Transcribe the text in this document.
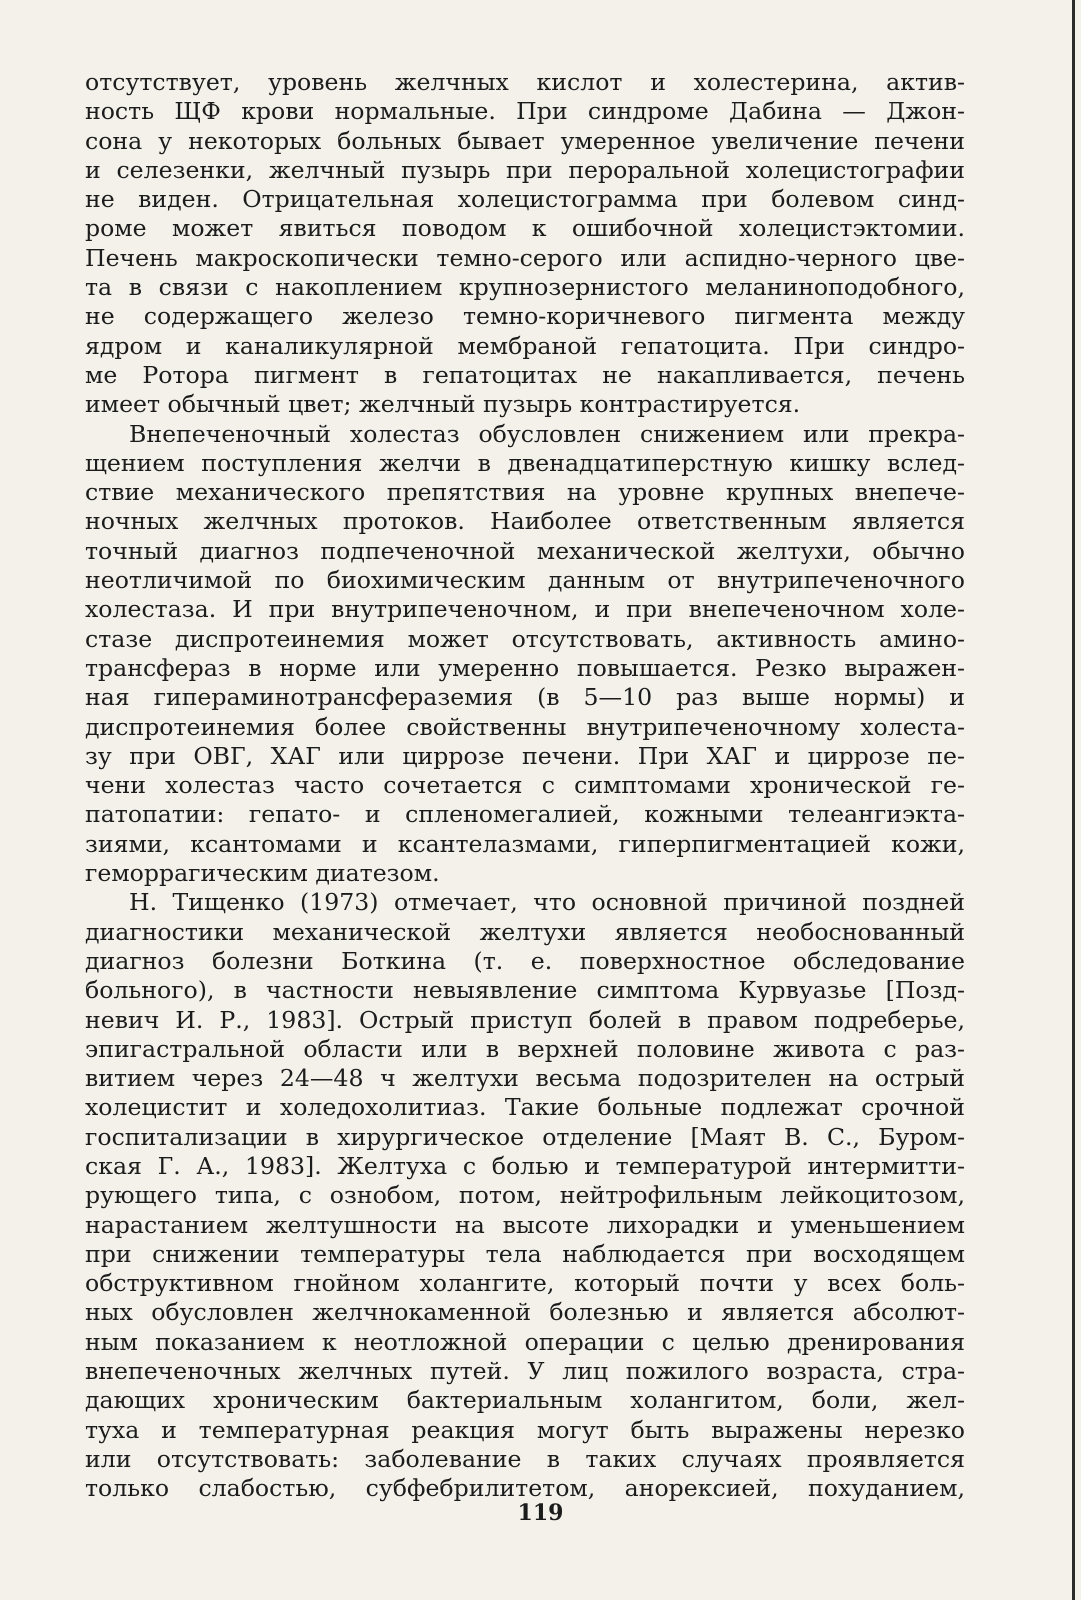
отсутствует, уровень желчных кислот и холестерина, актив-

ность ЩФ крови нормальные. При синдроме Дабина — Джон-

сона у некоторых больных бывает умеренное увеличение печени

и селезенки, желчный пузырь при пероральной холецистографии

не виден. Отрицательная холецистограмма при болевом синд-

роме может явиться поводом к ошибочной холецистэктомии.

Печень макроскопически темно-серого или аспидно-черного цве-

та в связи с накоплением крупнозернистого меланиноподобного,

не содержащего железо темно-коричневого пигмента между

ядром и каналикулярной мембраной гепатоцита. При синдро-

ме Ротора пигмент в гепатоцитах не накапливается, печень

имеет обычный цвет; желчный пузырь контрастируется.

Внепеченочный холестаз обусловлен снижением или прекра-

щением поступления желчи в двенадцатиперстную кишку вслед-

ствие механического препятствия на уровне крупных внепече-

ночных желчных протоков. Наиболее ответственным является

точный диагноз подпеченочной механической желтухи, обычно

неотличимой по биохимическим данным от внутрипеченочного

холестаза. И при внутрипеченочном, и при внепеченочном холе-

стазе диспротеинемия может отсутствовать, активность амино-

трансфераз в норме или умеренно повышается. Резко выражен-

ная гипераминотрансфераземия (в 5—10 раз выше нормы) и

диспротеинемия более свойственны внутрипеченочному холеста-

зу при ОВГ, ХАГ или циррозе печени. При ХАГ и циррозе пе-

чени холестаз часто сочетается с симптомами хронической ге-

патопатии: гепато- и спленомегалией, кожными телеангиэкта-

зиями, ксантомами и ксантелазмами, гиперпигментацией кожи,

геморрагическим диатезом.

Н. Тищенко (1973) отмечает, что основной причиной поздней

диагностики механической желтухи является необоснованный

диагноз болезни Боткина (т. е. поверхностное обследование

больного), в частности невыявление симптома Курвуазье [Позд-

невич И. Р., 1983]. Острый приступ болей в правом подреберье,

эпигастральной области или в верхней половине живота с раз-

витием через 24—48 ч желтухи весьма подозрителен на острый

холецистит и холедохолитиаз. Такие больные подлежат срочной

госпитализации в хирургическое отделение [Маят В. С., Буром-

ская Г. А., 1983]. Желтуха с болью и температурой интермитти-

рующего типа, с ознобом, потом, нейтрофильным лейкоцитозом,

нарастанием желтушности на высоте лихорадки и уменьшением

при снижении температуры тела наблюдается при восходящем

обструктивном гнойном холангите, который почти у всех боль-

ных обусловлен желчнокаменной болезнью и является абсолют-

ным показанием к неотложной операции с целью дренирования

внепеченочных желчных путей. У лиц пожилого возраста, стра-

дающих хроническим бактериальным холангитом, боли, жел-

туха и температурная реакция могут быть выражены нерезко

или отсутствовать: заболевание в таких случаях проявляется

только слабостью, субфебрилитетом, анорексией, похуданием,

119
